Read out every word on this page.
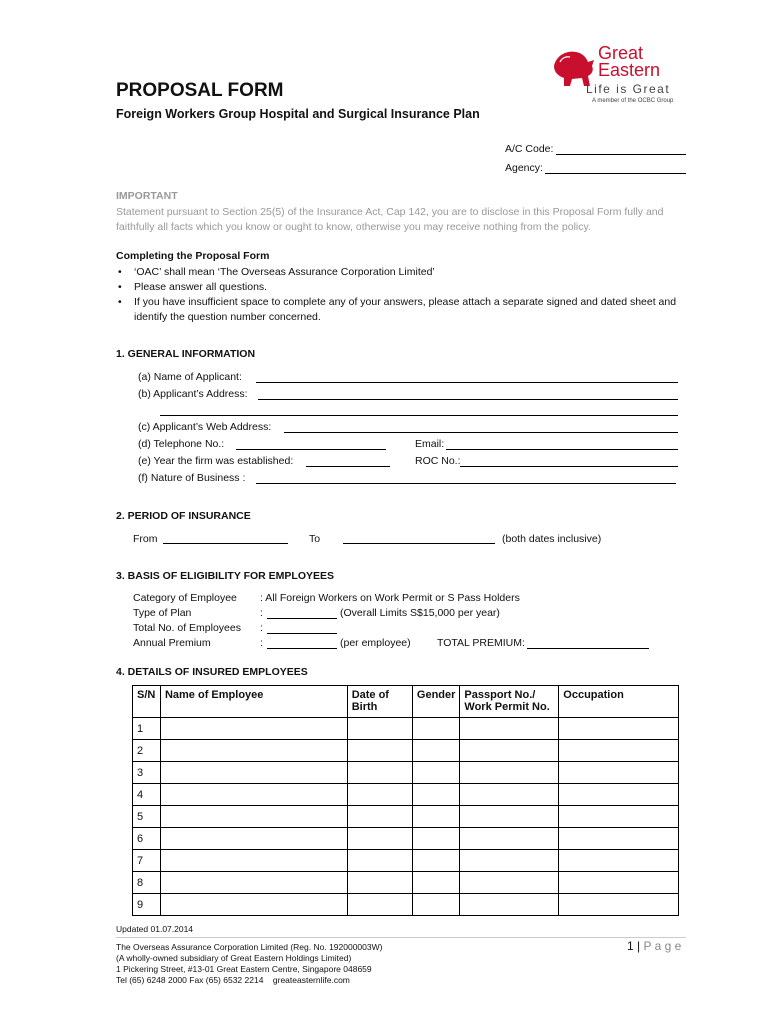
Great
Eastern
Life is Great
A member of the OCBC Group
PROPOSAL FORM
Foreign Workers Group Hospital and Surgical Insurance Plan
A/C Code:
Agency:
IMPORTANT
Statement pursuant to Section 25(5) of the Insurance Act, Cap 142, you are to disclose in this Proposal Form fully and faithfully all facts which you know or ought to know, otherwise you may receive nothing from the policy.
Completing the Proposal Form
• ‘OAC’ shall mean ‘The Overseas Assurance Corporation Limited’
• Please answer all questions.
• If you have insufficient space to complete any of your answers, please attach a separate signed and dated sheet and identify the question number concerned.
1. GENERAL INFORMATION
(a) Name of Applicant:
(b) Applicant’s Address:
(c) Applicant’s Web Address:
(d) Telephone No.:	Email:
(e) Year the firm was established:	ROC No.:
(f) Nature of Business :
2. PERIOD OF INSURANCE
From	To	(both dates inclusive)
3. BASIS OF ELIGIBILITY FOR EMPLOYEES
Category of Employee : All Foreign Workers on Work Permit or S Pass Holders
Type of Plan	:	(Overall Limits S$15,000 per year)
Total No. of Employees :
Annual Premium	:	(per employee)	TOTAL PREMIUM:
4. DETAILS OF INSURED EMPLOYEES
S/N	Name of Employee	Date of Birth	Gender	Passport No./ Work Permit No.	Occupation
1					
2					
3					
4					
5					
6					
7					
8					
9					
Updated 01.07.2014
The Overseas Assurance Corporation Limited (Reg. No. 192000003W)
(A wholly-owned subsidiary of Great Eastern Holdings Limited)
1 Pickering Street, #13-01 Great Eastern Centre, Singapore 048659
Tel (65) 6248 2000 Fax (65) 6532 2214    greateasternlife.com
1 | P a g e
